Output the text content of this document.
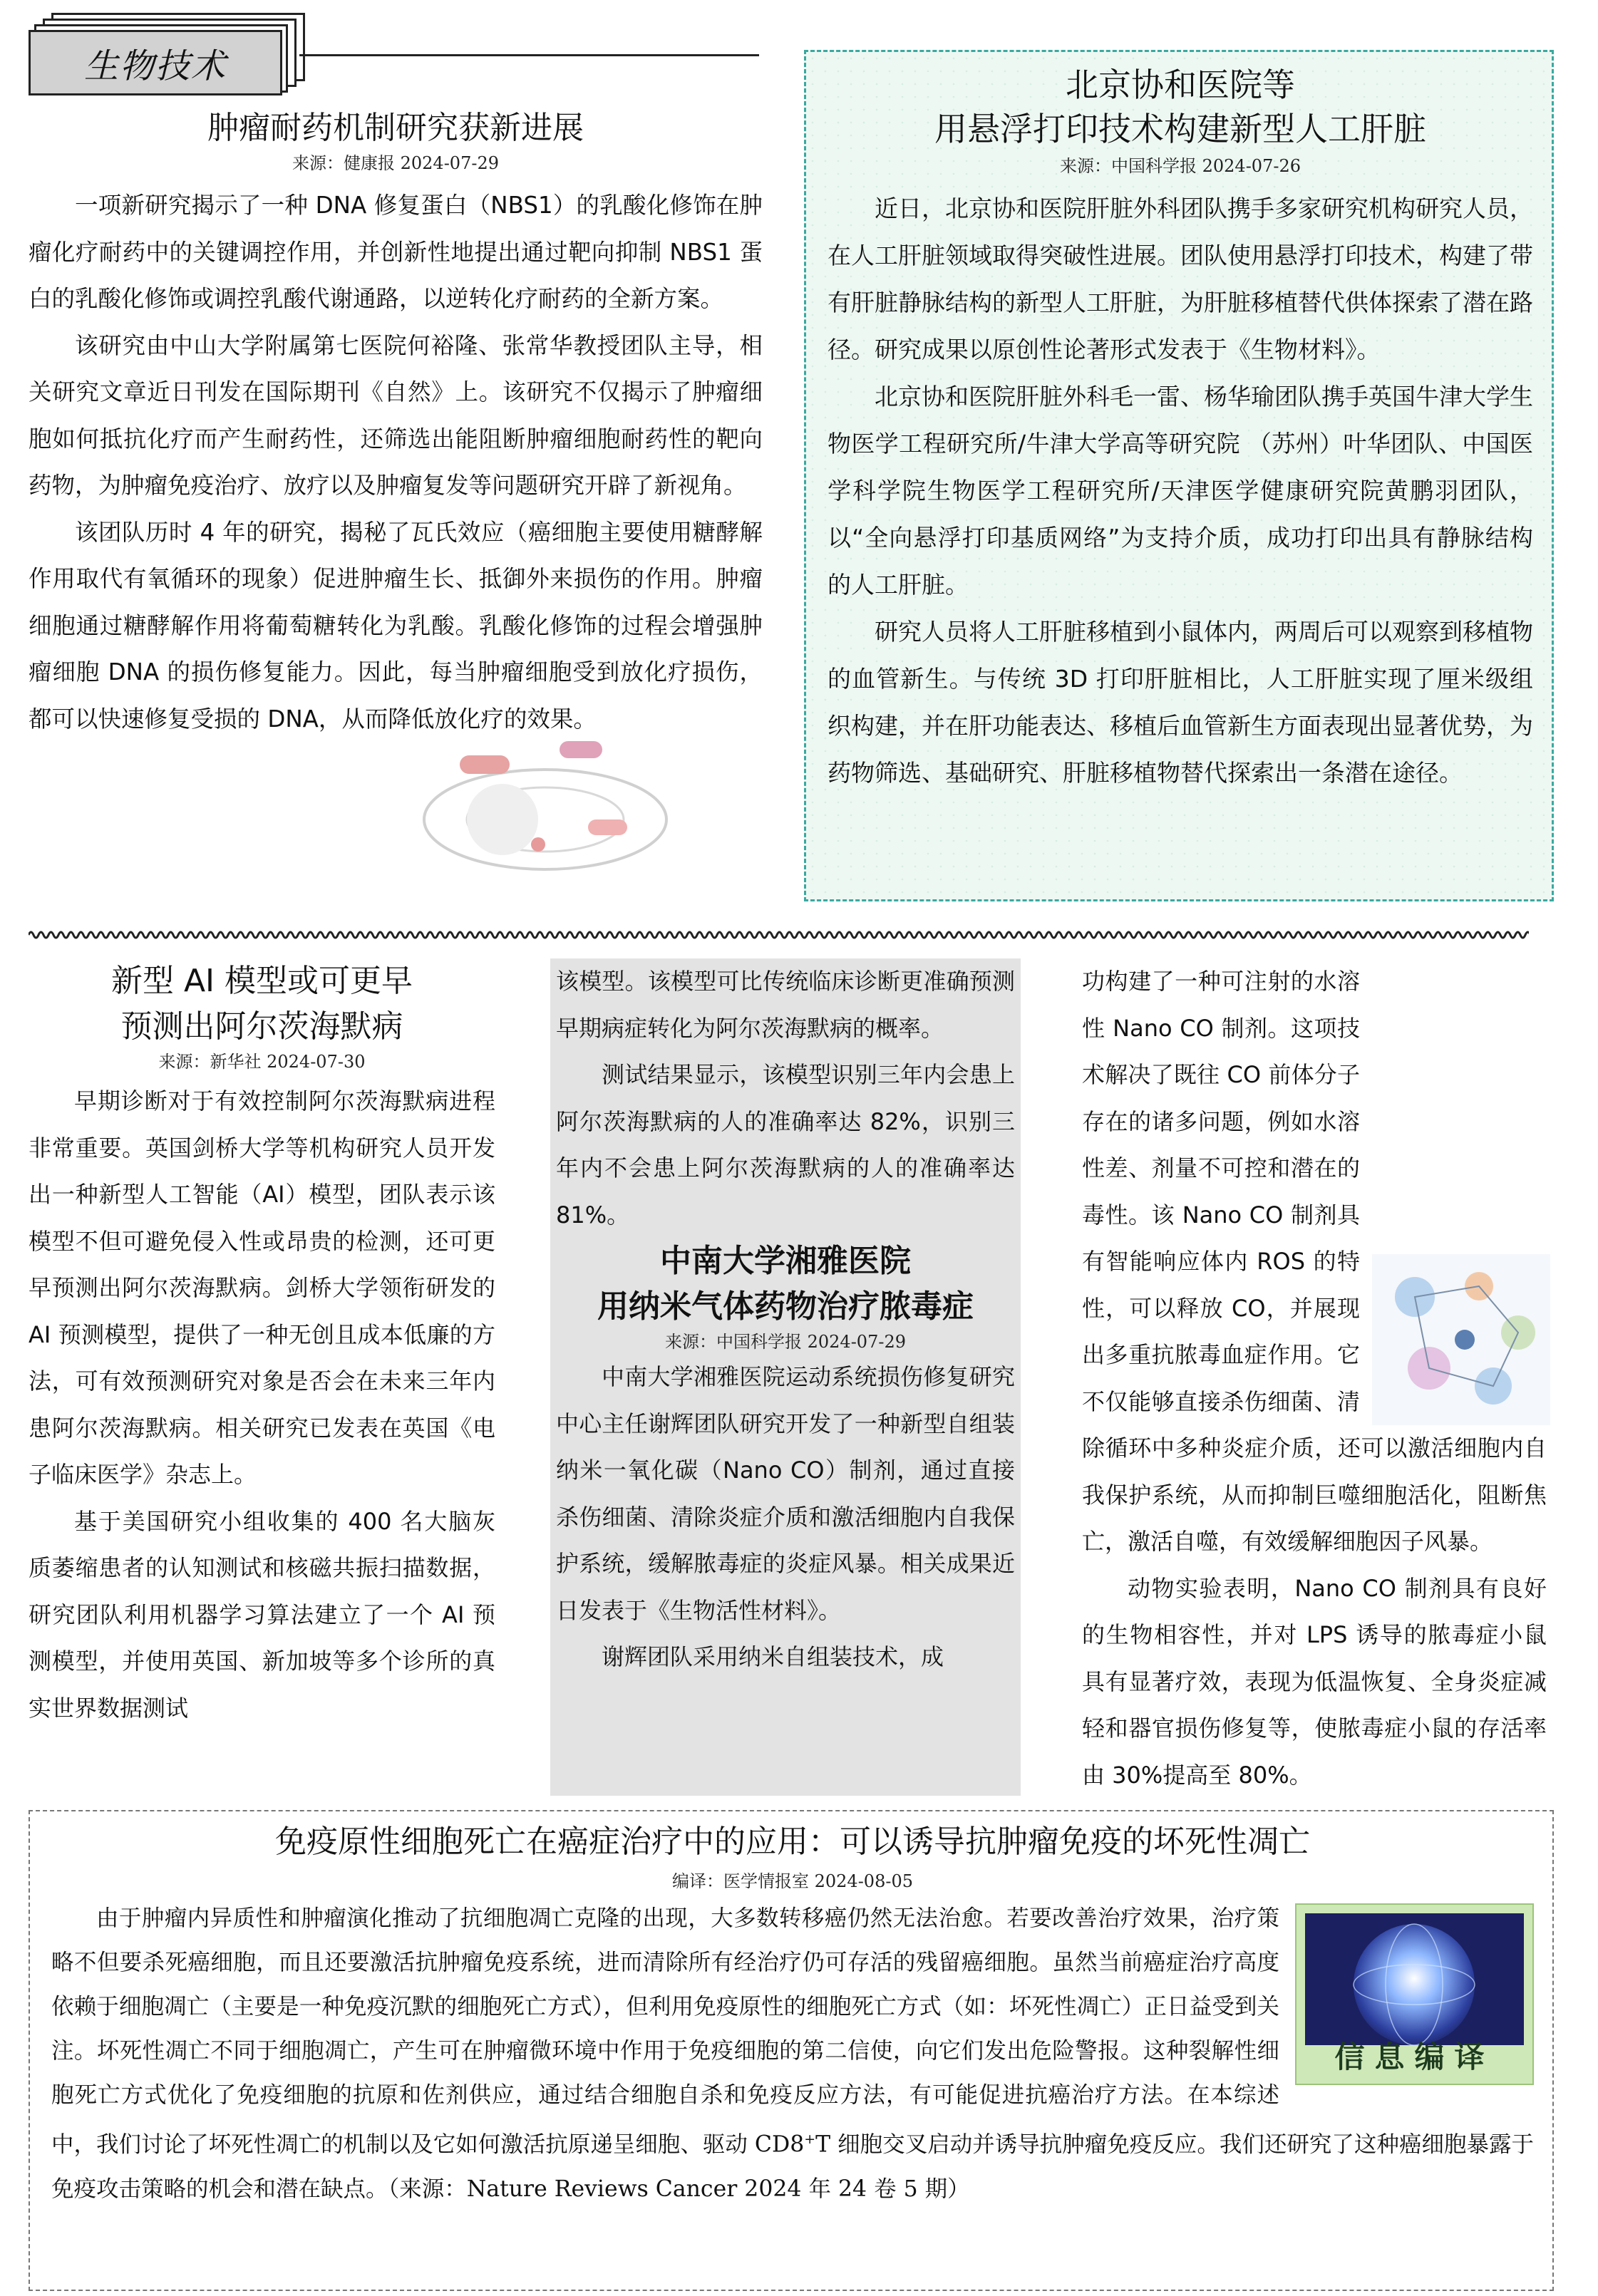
生物技术
肿瘤耐药机制研究获新进展
来源：健康报 2024-07-29

一项新研究揭示了一种 DNA 修复蛋白（NBS1）的乳酸化修饰在肿瘤化疗耐药中的关键调控作用，并创新性地提出通过靶向抑制 NBS1 蛋白的乳酸化修饰或调控乳酸代谢通路，以逆转化疗耐药的全新方案。

该研究由中山大学附属第七医院何裕隆、张常华教授团队主导，相关研究文章近日刊发在国际期刊《自然》上。该研究不仅揭示了肿瘤细胞如何抵抗化疗而产生耐药性，还筛选出能阻断肿瘤细胞耐药性的靶向药物，为肿瘤免疫治疗、放疗以及肿瘤复发等问题研究开辟了新视角。

该团队历时 4 年的研究，揭秘了瓦氏效应（癌细胞主要使用糖酵解作用取代有氧循环的现象）促进肿瘤生长、抵御外来损伤的作用。肿瘤细胞通过糖酵解作用将葡萄糖转化为乳酸。乳酸化修饰的过程会增强肿瘤细胞 DNA 的损伤修复能力。因此，每当肿瘤细胞受到放化疗损伤，都可以快速修复受损的 DNA，从而降低放化疗的效果。

北京协和医院等
用悬浮打印技术构建新型人工肝脏
来源：中国科学报 2024-07-26

近日，北京协和医院肝脏外科团队携手多家研究机构研究人员，在人工肝脏领域取得突破性进展。团队使用悬浮打印技术，构建了带有肝脏静脉结构的新型人工肝脏，为肝脏移植替代供体探索了潜在路径。研究成果以原创性论著形式发表于《生物材料》。

北京协和医院肝脏外科毛一雷、杨华瑜团队携手英国牛津大学生物医学工程研究所/牛津大学高等研究院 （苏州）叶华团队、中国医学科学院生物医学工程研究所/天津医学健康研究院黄鹏羽团队，以“全向悬浮打印基质网络”为支持介质，成功打印出具有静脉结构的人工肝脏。

研究人员将人工肝脏移植到小鼠体内，两周后可以观察到移植物的血管新生。与传统 3D 打印肝脏相比，人工肝脏实现了厘米级组织构建，并在肝功能表达、移植后血管新生方面表现出显著优势，为药物筛选、基础研究、肝脏移植物替代探索出一条潜在途径。

新型 AI 模型或可更早
预测出阿尔茨海默病
来源：新华社 2024-07-30

早期诊断对于有效控制阿尔茨海默病进程非常重要。英国剑桥大学等机构研究人员开发出一种新型人工智能（AI）模型，团队表示该模型不但可避免侵入性或昂贵的检测，还可更早预测出阿尔茨海默病。剑桥大学领衔研发的 AI 预测模型，提供了一种无创且成本低廉的方法，可有效预测研究对象是否会在未来三年内患阿尔茨海默病。相关研究已发表在英国《电子临床医学》杂志上。

基于美国研究小组收集的 400 名大脑灰质萎缩患者的认知测试和核磁共振扫描数据，研究团队利用机器学习算法建立了一个 AI 预测模型，并使用英国、新加坡等多个诊所的真实世界数据测试

该模型。该模型可比传统临床诊断更准确预测早期病症转化为阿尔茨海默病的概率。

测试结果显示，该模型识别三年内会患上阿尔茨海默病的人的准确率达 82%，识别三年内不会患上阿尔茨海默病的人的准确率达 81%。

中南大学湘雅医院
用纳米气体药物治疗脓毒症
来源：中国科学报 2024-07-29

中南大学湘雅医院运动系统损伤修复研究中心主任谢辉团队研究开发了一种新型自组装纳米一氧化碳（Nano CO）制剂，通过直接杀伤细菌、清除炎症介质和激活细胞内自我保护系统，缓解脓毒症的炎症风暴。相关成果近日发表于《生物活性材料》。

谢辉团队采用纳米自组装技术，成

功构建了一种可注射的水溶性 Nano CO 制剂。这项技术解决了既往 CO 前体分子存在的诸多问题，例如水溶性差、剂量不可控和潜在的毒性。该 Nano CO 制剂具有智能响应体内 ROS 的特性，可以释放 CO，并展现出多重抗脓毒血症作用。它不仅能够直接杀伤细菌、清除循环中多种炎症介质，还可以激活细胞内自我保护系统，从而抑制巨噬细胞活化，阻断焦亡，激活自噬，有效缓解细胞因子风暴。

动物实验表明，Nano CO 制剂具有良好的生物相容性，并对 LPS 诱导的脓毒症小鼠具有显著疗效，表现为低温恢复、全身炎症减轻和器官损伤修复等，使脓毒症小鼠的存活率由 30%提高至 80%。

免疫原性细胞死亡在癌症治疗中的应用：可以诱导抗肿瘤免疫的坏死性凋亡
编译：医学情报室 2024-08-05
信息编译

由于肿瘤内异质性和肿瘤演化推动了抗细胞凋亡克隆的出现，大多数转移癌仍然无法治愈。若要改善治疗效果，治疗策略不但要杀死癌细胞，而且还要激活抗肿瘤免疫系统，进而清除所有经治疗仍可存活的残留癌细胞。虽然当前癌症治疗高度依赖于细胞凋亡（主要是一种免疫沉默的细胞死亡方式），但利用免疫原性的细胞死亡方式（如：坏死性凋亡）正日益受到关注。坏死性凋亡不同于细胞凋亡，产生可在肿瘤微环境中作用于免疫细胞的第二信使，向它们发出危险警报。这种裂解性细胞死亡方式优化了免疫细胞的抗原和佐剂供应，通过结合细胞自杀和免疫反应方法，有可能促进抗癌治疗方法。在本综述中，我们讨论了坏死性凋亡的机制以及它如何激活抗原递呈细胞、驱动 CD8+T 细胞交叉启动并诱导抗肿瘤免疫反应。我们还研究了这种癌细胞暴露于免疫攻击策略的机会和潜在缺点。（来源：Nature Reviews Cancer 2024 年 24 卷 5 期）
